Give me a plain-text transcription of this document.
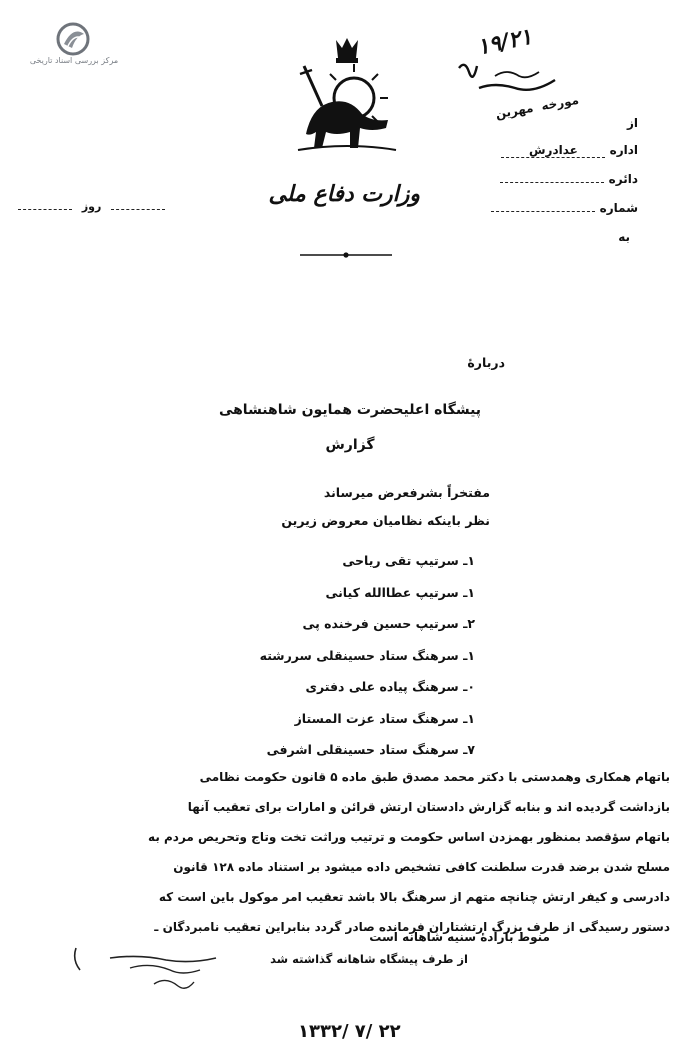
مرکز بررسی اسناد تاریخی
۱۹/۲۱
مورخه  مهرین
وزارت دفاع ملی
از
اداره عدادرش
دائره
شماره
به
روز
دربارهٔ
پیشگاه اعلیحضرت همایون شاهنشاهی
گزارش
مفتخراً بشرفعرض میرساند
نظر باینکه نظامیان معروض زیرین
۱ـ سرتیپ تقی ریاحی
۱ـ سرتیپ عطاالله کیانی
۲ـ سرتیپ حسین فرخنده پی
۱ـ سرهنگ ستاد حسینقلی سررشته
۰ـ سرهنگ پیاده علی دفتری
۱ـ سرهنگ ستاد عزت المستاز
۷ـ سرهنگ ستاد حسینقلی اشرفی
باتهام همکاری وهمدستی با دکتر محمد مصدق طبق ماده ۵ قانون حکومت نظامی
بازداشت گردیده اند و بنابه گزارش دادستان ارتش قرائن و امارات برای تعقیب آنها
باتهام سؤقصد بمنظور بهمزدن اساس حکومت و ترتیب وراثت تخت وتاج وتحریص مردم به
مسلح شدن برضد قدرت سلطنت کافی تشخیص داده میشود بر استناد ماده ۱۲۸ قانون
دادرسی و کیفر ارتش چنانچه متهم از سرهنگ بالا باشد تعقیب امر موکول باین است که
دستور رسیدگی از طرف بزرگ ارتشتاران فرمانده صادر گردد بنابراین تعقیب نامبردگان ـ
منوط بارادهٔ سنیه شاهانه است
از طرف پیشگاه شاهانه گذاشته شد
۱۳۳۲/ ۷/ ۲۲
